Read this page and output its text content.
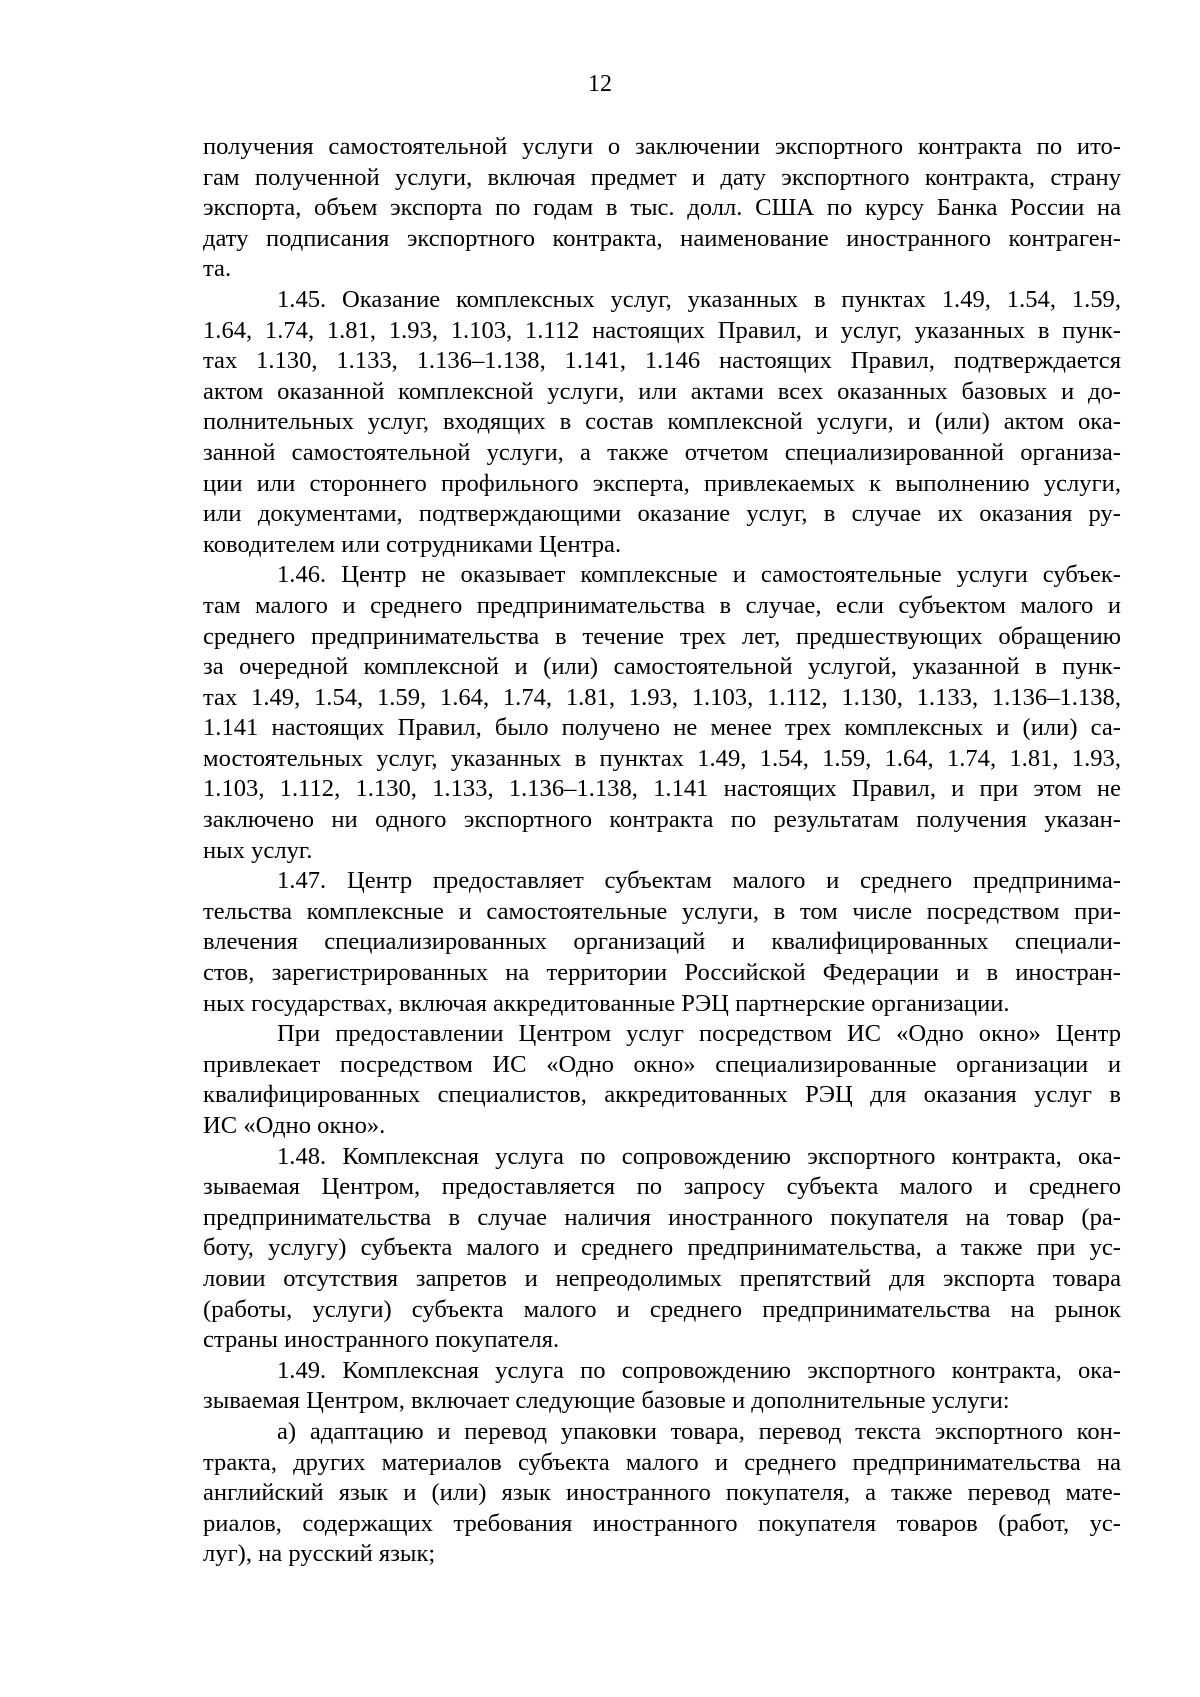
12
получения самостоятельной услуги о заключении экспортного контракта по ито-
гам полученной услуги, включая предмет и дату экспортного контракта, страну
экспорта, объем экспорта по годам в тыс. долл. США по курсу Банка России на
дату подписания экспортного контракта, наименование иностранного контраген-
та.
1.45. Оказание комплексных услуг, указанных в пунктах 1.49, 1.54, 1.59,
1.64, 1.74, 1.81, 1.93, 1.103, 1.112 настоящих Правил, и услуг, указанных в пунк-
тах 1.130, 1.133, 1.136–1.138, 1.141, 1.146 настоящих Правил, подтверждается
актом оказанной комплексной услуги, или актами всех оказанных базовых и до-
полнительных услуг, входящих в состав комплексной услуги, и (или) актом ока-
занной самостоятельной услуги, а также отчетом специализированной организа-
ции или стороннего профильного эксперта, привлекаемых к выполнению услуги,
или документами, подтверждающими оказание услуг, в случае их оказания ру-
ководителем или сотрудниками Центра.
1.46. Центр не оказывает комплексные и самостоятельные услуги субъек-
там малого и среднего предпринимательства в случае, если субъектом малого и
среднего предпринимательства в течение трех лет, предшествующих обращению
за очередной комплексной и (или) самостоятельной услугой, указанной в пунк-
тах 1.49, 1.54, 1.59, 1.64, 1.74, 1.81, 1.93, 1.103, 1.112, 1.130, 1.133, 1.136–1.138,
1.141 настоящих Правил, было получено не менее трех комплексных и (или) са-
мостоятельных услуг, указанных в пунктах 1.49, 1.54, 1.59, 1.64, 1.74, 1.81, 1.93,
1.103, 1.112, 1.130, 1.133, 1.136–1.138, 1.141 настоящих Правил, и при этом не
заключено ни одного экспортного контракта по результатам получения указан-
ных услуг.
1.47. Центр предоставляет субъектам малого и среднего предпринима-
тельства комплексные и самостоятельные услуги, в том числе посредством при-
влечения специализированных организаций и квалифицированных специали-
стов, зарегистрированных на территории Российской Федерации и в иностран-
ных государствах, включая аккредитованные РЭЦ партнерские организации.
При предоставлении Центром услуг посредством ИС «Одно окно» Центр
привлекает посредством ИС «Одно окно» специализированные организации и
квалифицированных специалистов, аккредитованных РЭЦ для оказания услуг в
ИС «Одно окно».
1.48. Комплексная услуга по сопровождению экспортного контракта, ока-
зываемая Центром, предоставляется по запросу субъекта малого и среднего
предпринимательства в случае наличия иностранного покупателя на товар (ра-
боту, услугу) субъекта малого и среднего предпринимательства, а также при ус-
ловии отсутствия запретов и непреодолимых препятствий для экспорта товара
(работы, услуги) субъекта малого и среднего предпринимательства на рынок
страны иностранного покупателя.
1.49. Комплексная услуга по сопровождению экспортного контракта, ока-
зываемая Центром, включает следующие базовые и дополнительные услуги:
а) адаптацию и перевод упаковки товара, перевод текста экспортного кон-
тракта, других материалов субъекта малого и среднего предпринимательства на
английский язык и (или) язык иностранного покупателя, а также перевод мате-
риалов, содержащих требования иностранного покупателя товаров (работ, ус-
луг), на русский язык;
